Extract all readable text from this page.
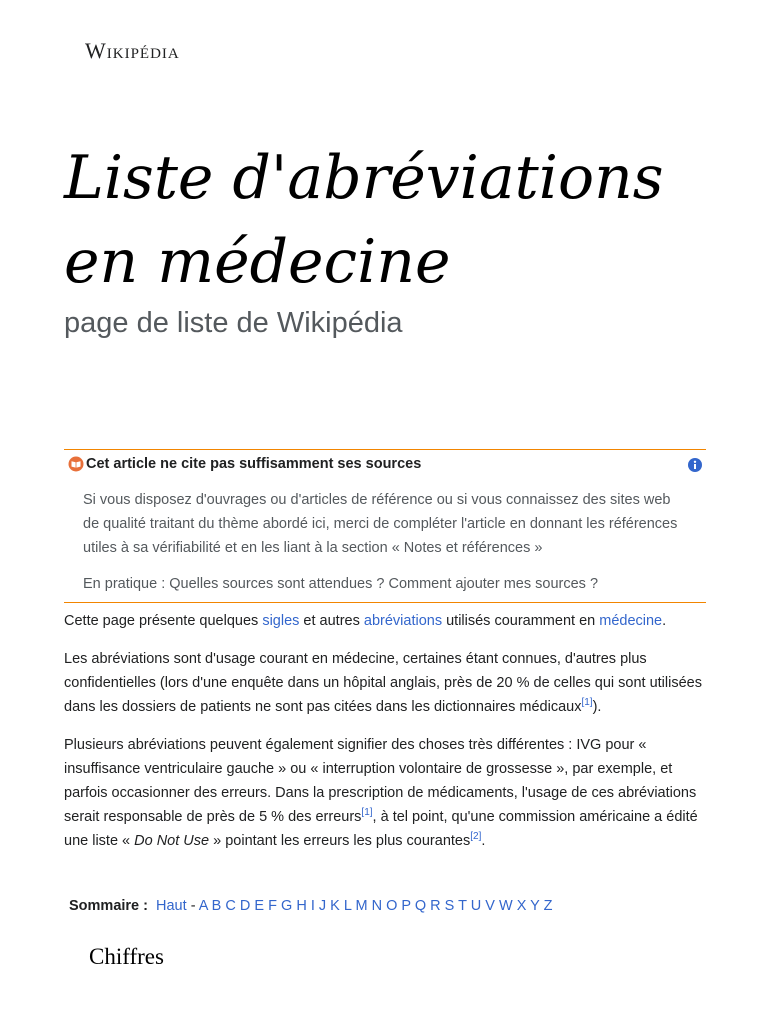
Wikipédia
Liste d'abréviations en médecine
page de liste de Wikipédia
Cet article ne cite pas suffisamment ses sources

Si vous disposez d'ouvrages ou d'articles de référence ou si vous connaissez des sites web de qualité traitant du thème abordé ici, merci de compléter l'article en donnant les références utiles à sa vérifiabilité et en les liant à la section « Notes et références »

En pratique : Quelles sources sont attendues ? Comment ajouter mes sources ?

Cette page présente quelques sigles et autres abréviations utilisés couramment en médecine.

Les abréviations sont d'usage courant en médecine, certaines étant connues, d'autres plus confidentielles (lors d'une enquête dans un hôpital anglais, près de 20 % de celles qui sont utilisées dans les dossiers de patients ne sont pas citées dans les dictionnaires médicaux[1]).

Plusieurs abréviations peuvent également signifier des choses très différentes : IVG pour « insuffisance ventriculaire gauche » ou « interruption volontaire de grossesse », par exemple, et parfois occasionner des erreurs. Dans la prescription de médicaments, l'usage de ces abréviations serait responsable de près de 5 % des erreurs[1], à tel point, qu'une commission américaine a édité une liste « Do Not Use » pointant les erreurs les plus courantes[2].

Sommaire : Haut - A B C D E F G H I J K L M N O P Q R S T U V W X Y Z
Chiffres
